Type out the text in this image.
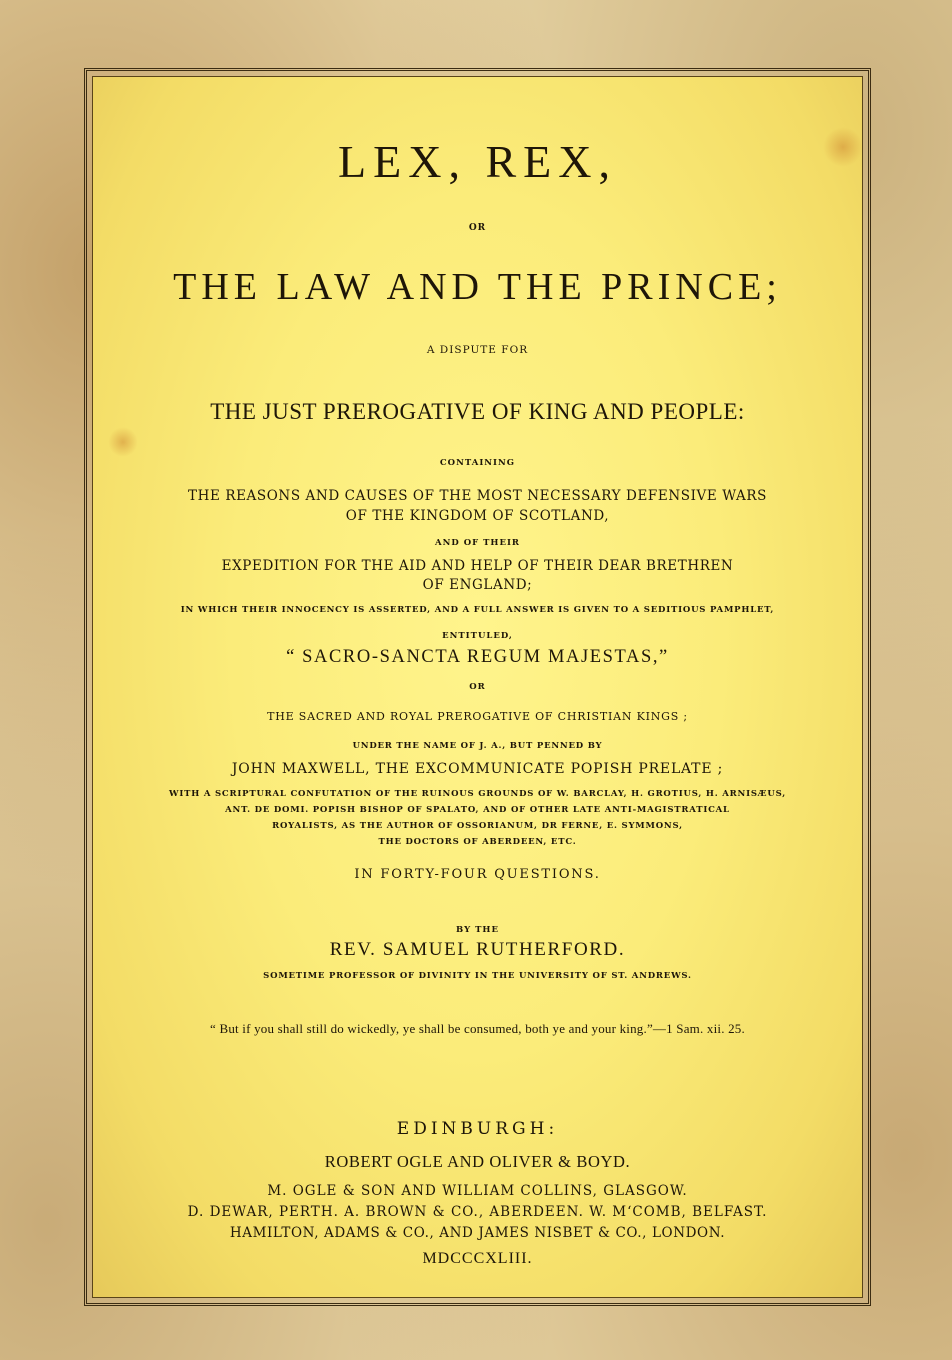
LEX, REX,
OR
THE LAW AND THE PRINCE;
A DISPUTE FOR
THE JUST PREROGATIVE OF KING AND PEOPLE:
CONTAINING
THE REASONS AND CAUSES OF THE MOST NECESSARY DEFENSIVE WARS
OF THE KINGDOM OF SCOTLAND,
AND OF THEIR
EXPEDITION FOR THE AID AND HELP OF THEIR DEAR BRETHREN
OF ENGLAND;
IN WHICH THEIR INNOCENCY IS ASSERTED, AND A FULL ANSWER IS GIVEN TO A SEDITIOUS PAMPHLET,
ENTITULED,
“ SACRO-SANCTA REGUM MAJESTAS,”
OR
THE SACRED AND ROYAL PREROGATIVE OF CHRISTIAN KINGS ;
UNDER THE NAME OF J. A., BUT PENNED BY
JOHN MAXWELL, THE EXCOMMUNICATE POPISH PRELATE ;
WITH A SCRIPTURAL CONFUTATION OF THE RUINOUS GROUNDS OF W. BARCLAY, H. GROTIUS, H. ARNISÆUS,
ANT. DE DOMI. POPISH BISHOP OF SPALATO, AND OF OTHER LATE ANTI-MAGISTRATICAL
ROYALISTS, AS THE AUTHOR OF OSSORIANUM, DR FERNE, E. SYMMONS,
THE DOCTORS OF ABERDEEN, ETC.
IN FORTY-FOUR QUESTIONS.
BY THE
REV. SAMUEL RUTHERFORD.
SOMETIME PROFESSOR OF DIVINITY IN THE UNIVERSITY OF ST. ANDREWS.
“ But if you shall still do wickedly, ye shall be consumed, both ye and your king.”—1 Sam. xii. 25.
EDINBURGH:
ROBERT OGLE AND OLIVER & BOYD.
M. OGLE & SON AND WILLIAM COLLINS, GLASGOW.
D. DEWAR, PERTH. A. BROWN & CO., ABERDEEN. W. M‘COMB, BELFAST.
HAMILTON, ADAMS & CO., AND JAMES NISBET & CO., LONDON.
MDCCCXLIII.
